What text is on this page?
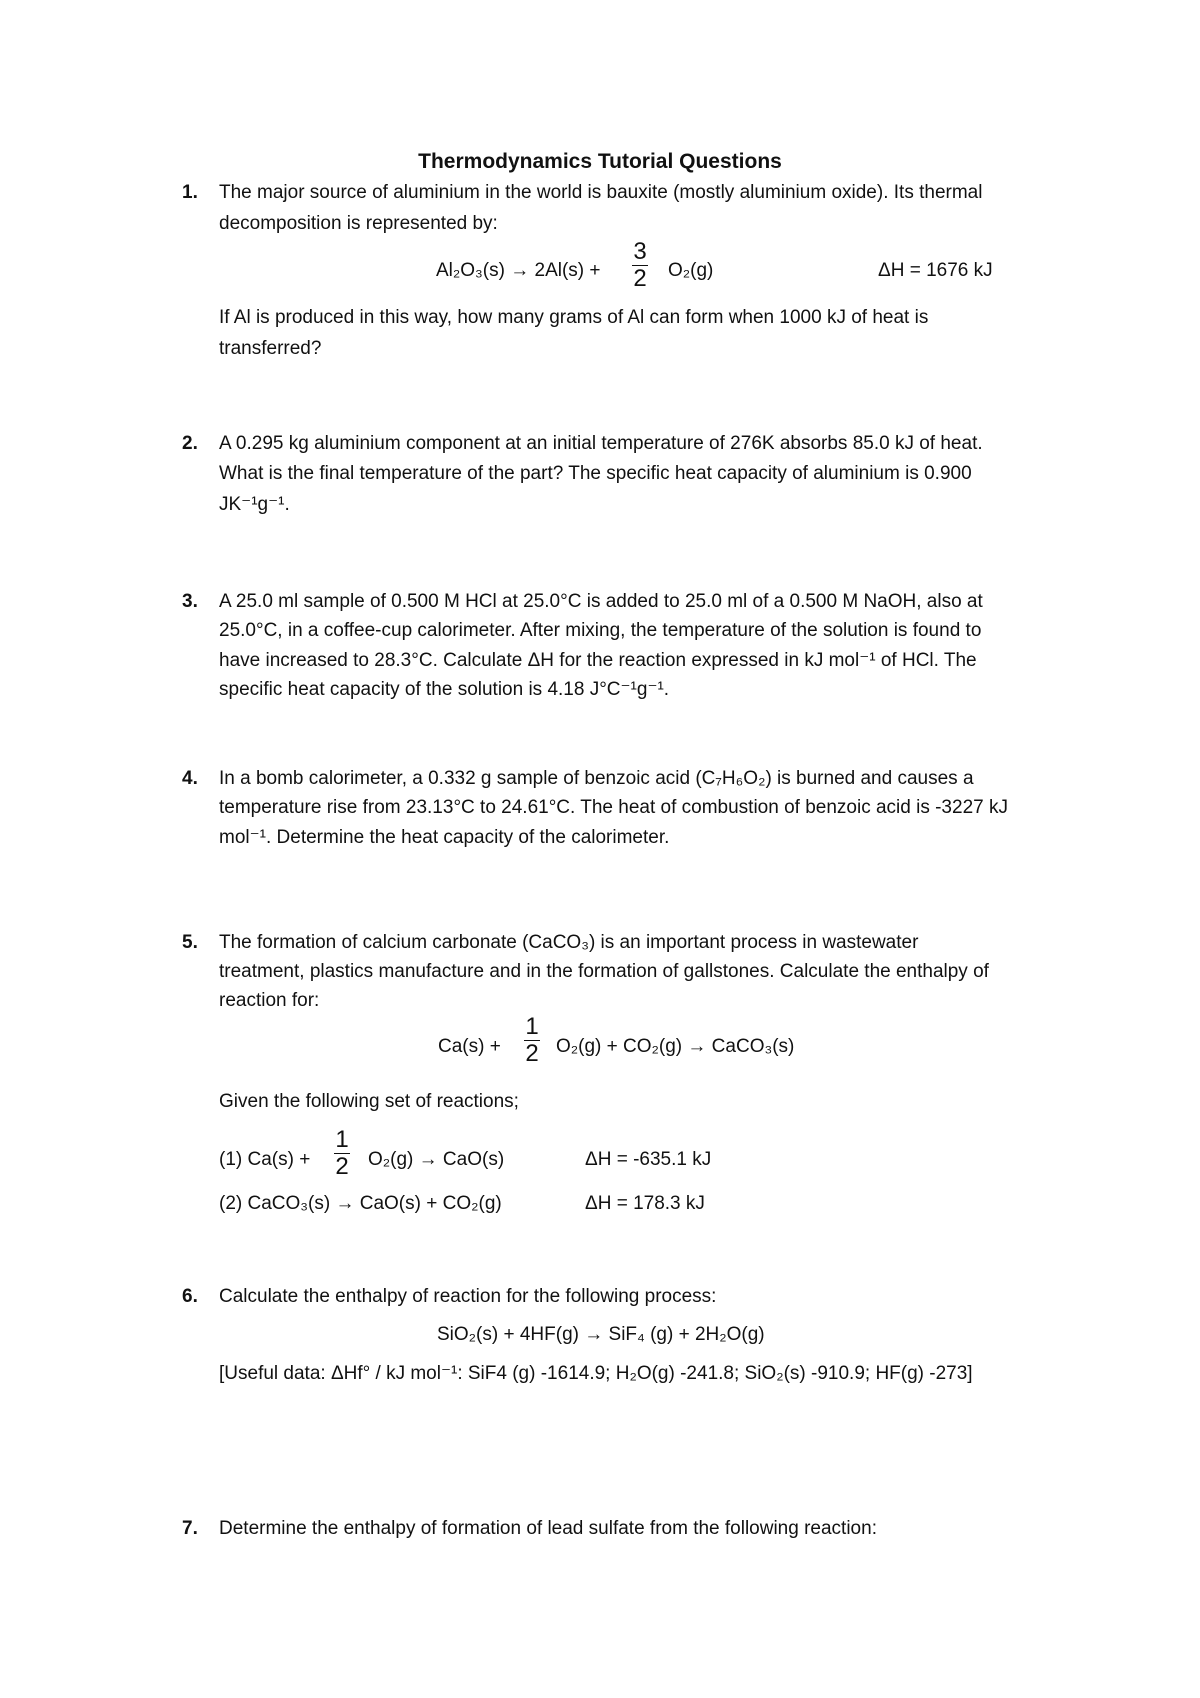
Thermodynamics Tutorial Questions
1. The major source of aluminium in the world is bauxite (mostly aluminium oxide). Its thermal
decomposition is represented by:
Al₂O₃(s) → 2Al(s) +
3
2 O₂(g)	ΔH = 1676 kJ
If Al is produced in this way, how many grams of Al can form when 1000 kJ of heat is
transferred?
2. A 0.295 kg aluminium component at an initial temperature of 276K absorbs 85.0 kJ of heat.
What is the final temperature of the part? The specific heat capacity of aluminium is 0.900
JK⁻¹g⁻¹.
3. A 25.0 ml sample of 0.500 M HCl at 25.0°C is added to 25.0 ml of a 0.500 M NaOH, also at
25.0°C, in a coffee-cup calorimeter. After mixing, the temperature of the solution is found to
have increased to 28.3°C. Calculate ΔH for the reaction expressed in kJ mol⁻¹ of HCl. The
specific heat capacity of the solution is 4.18 J°C⁻¹g⁻¹.
4. In a bomb calorimeter, a 0.332 g sample of benzoic acid (C₇H₆O₂) is burned and causes a
temperature rise from 23.13°C to 24.61°C. The heat of combustion of benzoic acid is -3227 kJ
mol⁻¹. Determine the heat capacity of the calorimeter.
5. The formation of calcium carbonate (CaCO₃) is an important process in wastewater
treatment, plastics manufacture and in the formation of gallstones. Calculate the enthalpy of
reaction for:
Ca(s) +
1
2 O₂(g) + CO₂(g) → CaCO₃(s)
Given the following set of reactions;
(1) Ca(s) +
1
2 O₂(g) → CaO(s)	ΔH = -635.1 kJ
(2) CaCO₃(s) → CaO(s) + CO₂(g)	ΔH = 178.3 kJ
6. Calculate the enthalpy of reaction for the following process:
SiO₂(s) + 4HF(g) → SiF₄ (g) + 2H₂O(g)
[Useful data: ΔHf° / kJ mol⁻¹: SiF4 (g) -1614.9; H₂O(g) -241.8; SiO₂(s) -910.9; HF(g) -273]
7. Determine the enthalpy of formation of lead sulfate from the following reaction:
